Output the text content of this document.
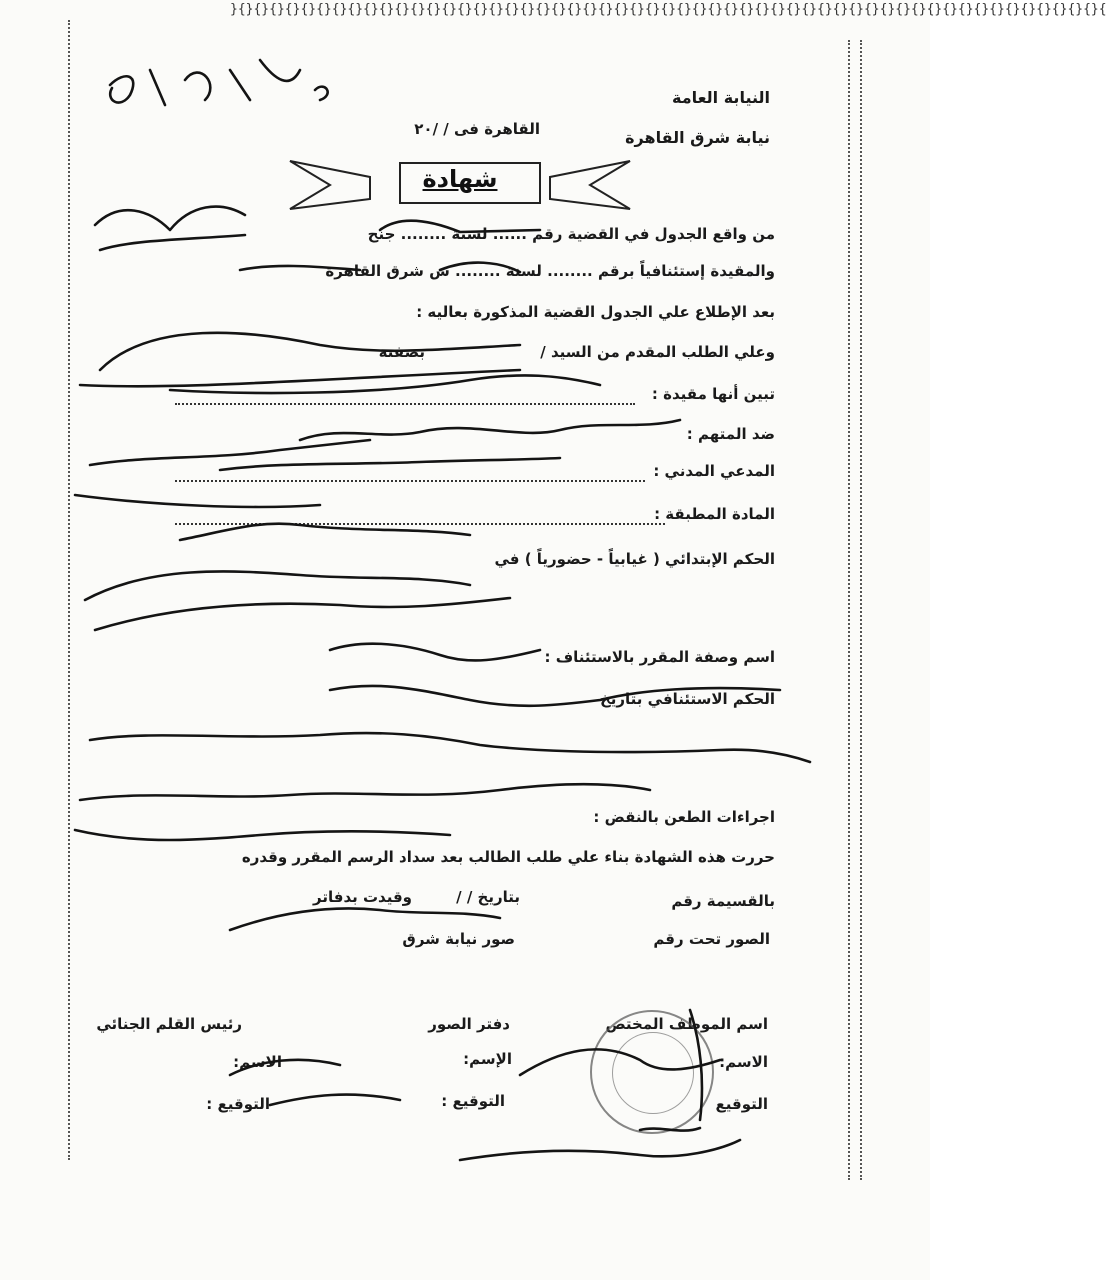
}{}{}{}{}{}{}{}{}{}{}{}{}{}{}{}{}{}{}{}{}{}{}{}{}{}{}{}{}{}{}{}{}{}{}{}{}{}{}{}{}{}{}{}{}{}{}{}{}{}{}{}{}{}{}{}{
النيابة العامة
نيابة شرق القاهرة
القاهرة فى / /۲۰
شهادة
من واقع الجدول في القضية رقم ...... لسنة ........ جنح
والمقيدة إستئنافياً برقم ........ لسنة ........ س شرق القاهرة
بعد الإطلاع علي الجدول القضية المذكورة بعاليه :
وعلي الطلب المقدم من السيد /
بصفته
تبين أنها مقيدة :
ضد المتهم :
المدعي المدني :
المادة المطبقة :
الحكم الإبتدائي ( غيابياً - حضورياً ) في
اسم وصفة المقرر بالاستئناف :
الحكم الاستئنافي بتاريخ
اجراءات الطعن بالنقض :
حررت هذه الشهادة بناء علي طلب الطالب بعد سداد الرسم المقرر وقدره
بالقسيمة رقم
بتاريخ / /
وقيدت بدفاتر
الصور تحت رقم
صور نيابة شرق
اسم الموظف المختص
دفتر الصور
رئيس القلم الجنائي
الاسم:
الإسم:
الاسم:
التوقيع
التوقيع :
التوقيع :
